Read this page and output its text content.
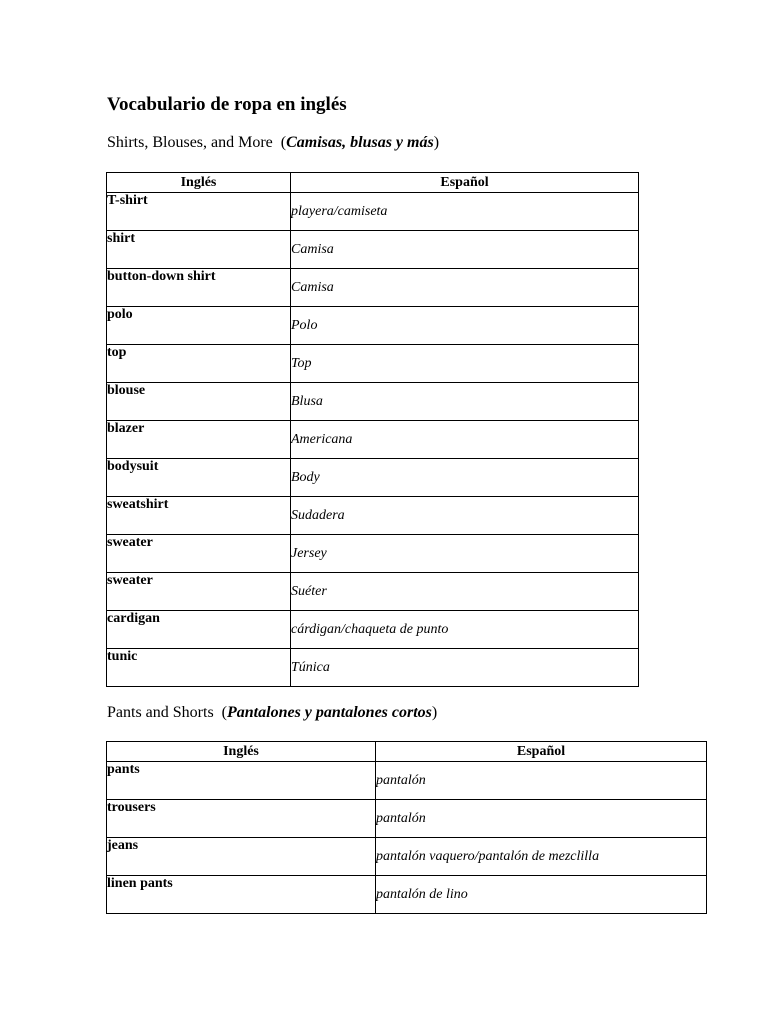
Vocabulario de ropa en inglés

Shirts, Blouses, and More  (Camisas, blusas y más)

Inglés	Español
T-shirt	playera/camiseta
shirt	Camisa
button-down shirt	Camisa
polo	Polo
top	Top
blouse	Blusa
blazer	Americana
bodysuit	Body
sweatshirt	Sudadera
sweater	Jersey
sweater	Suéter
cardigan	cárdigan/chaqueta de punto
tunic	Túnica

Pants and Shorts  (Pantalones y pantalones cortos)

Inglés	Español
pants	pantalón
trousers	pantalón
jeans	pantalón vaquero/pantalón de mezclilla
linen pants	pantalón de lino
